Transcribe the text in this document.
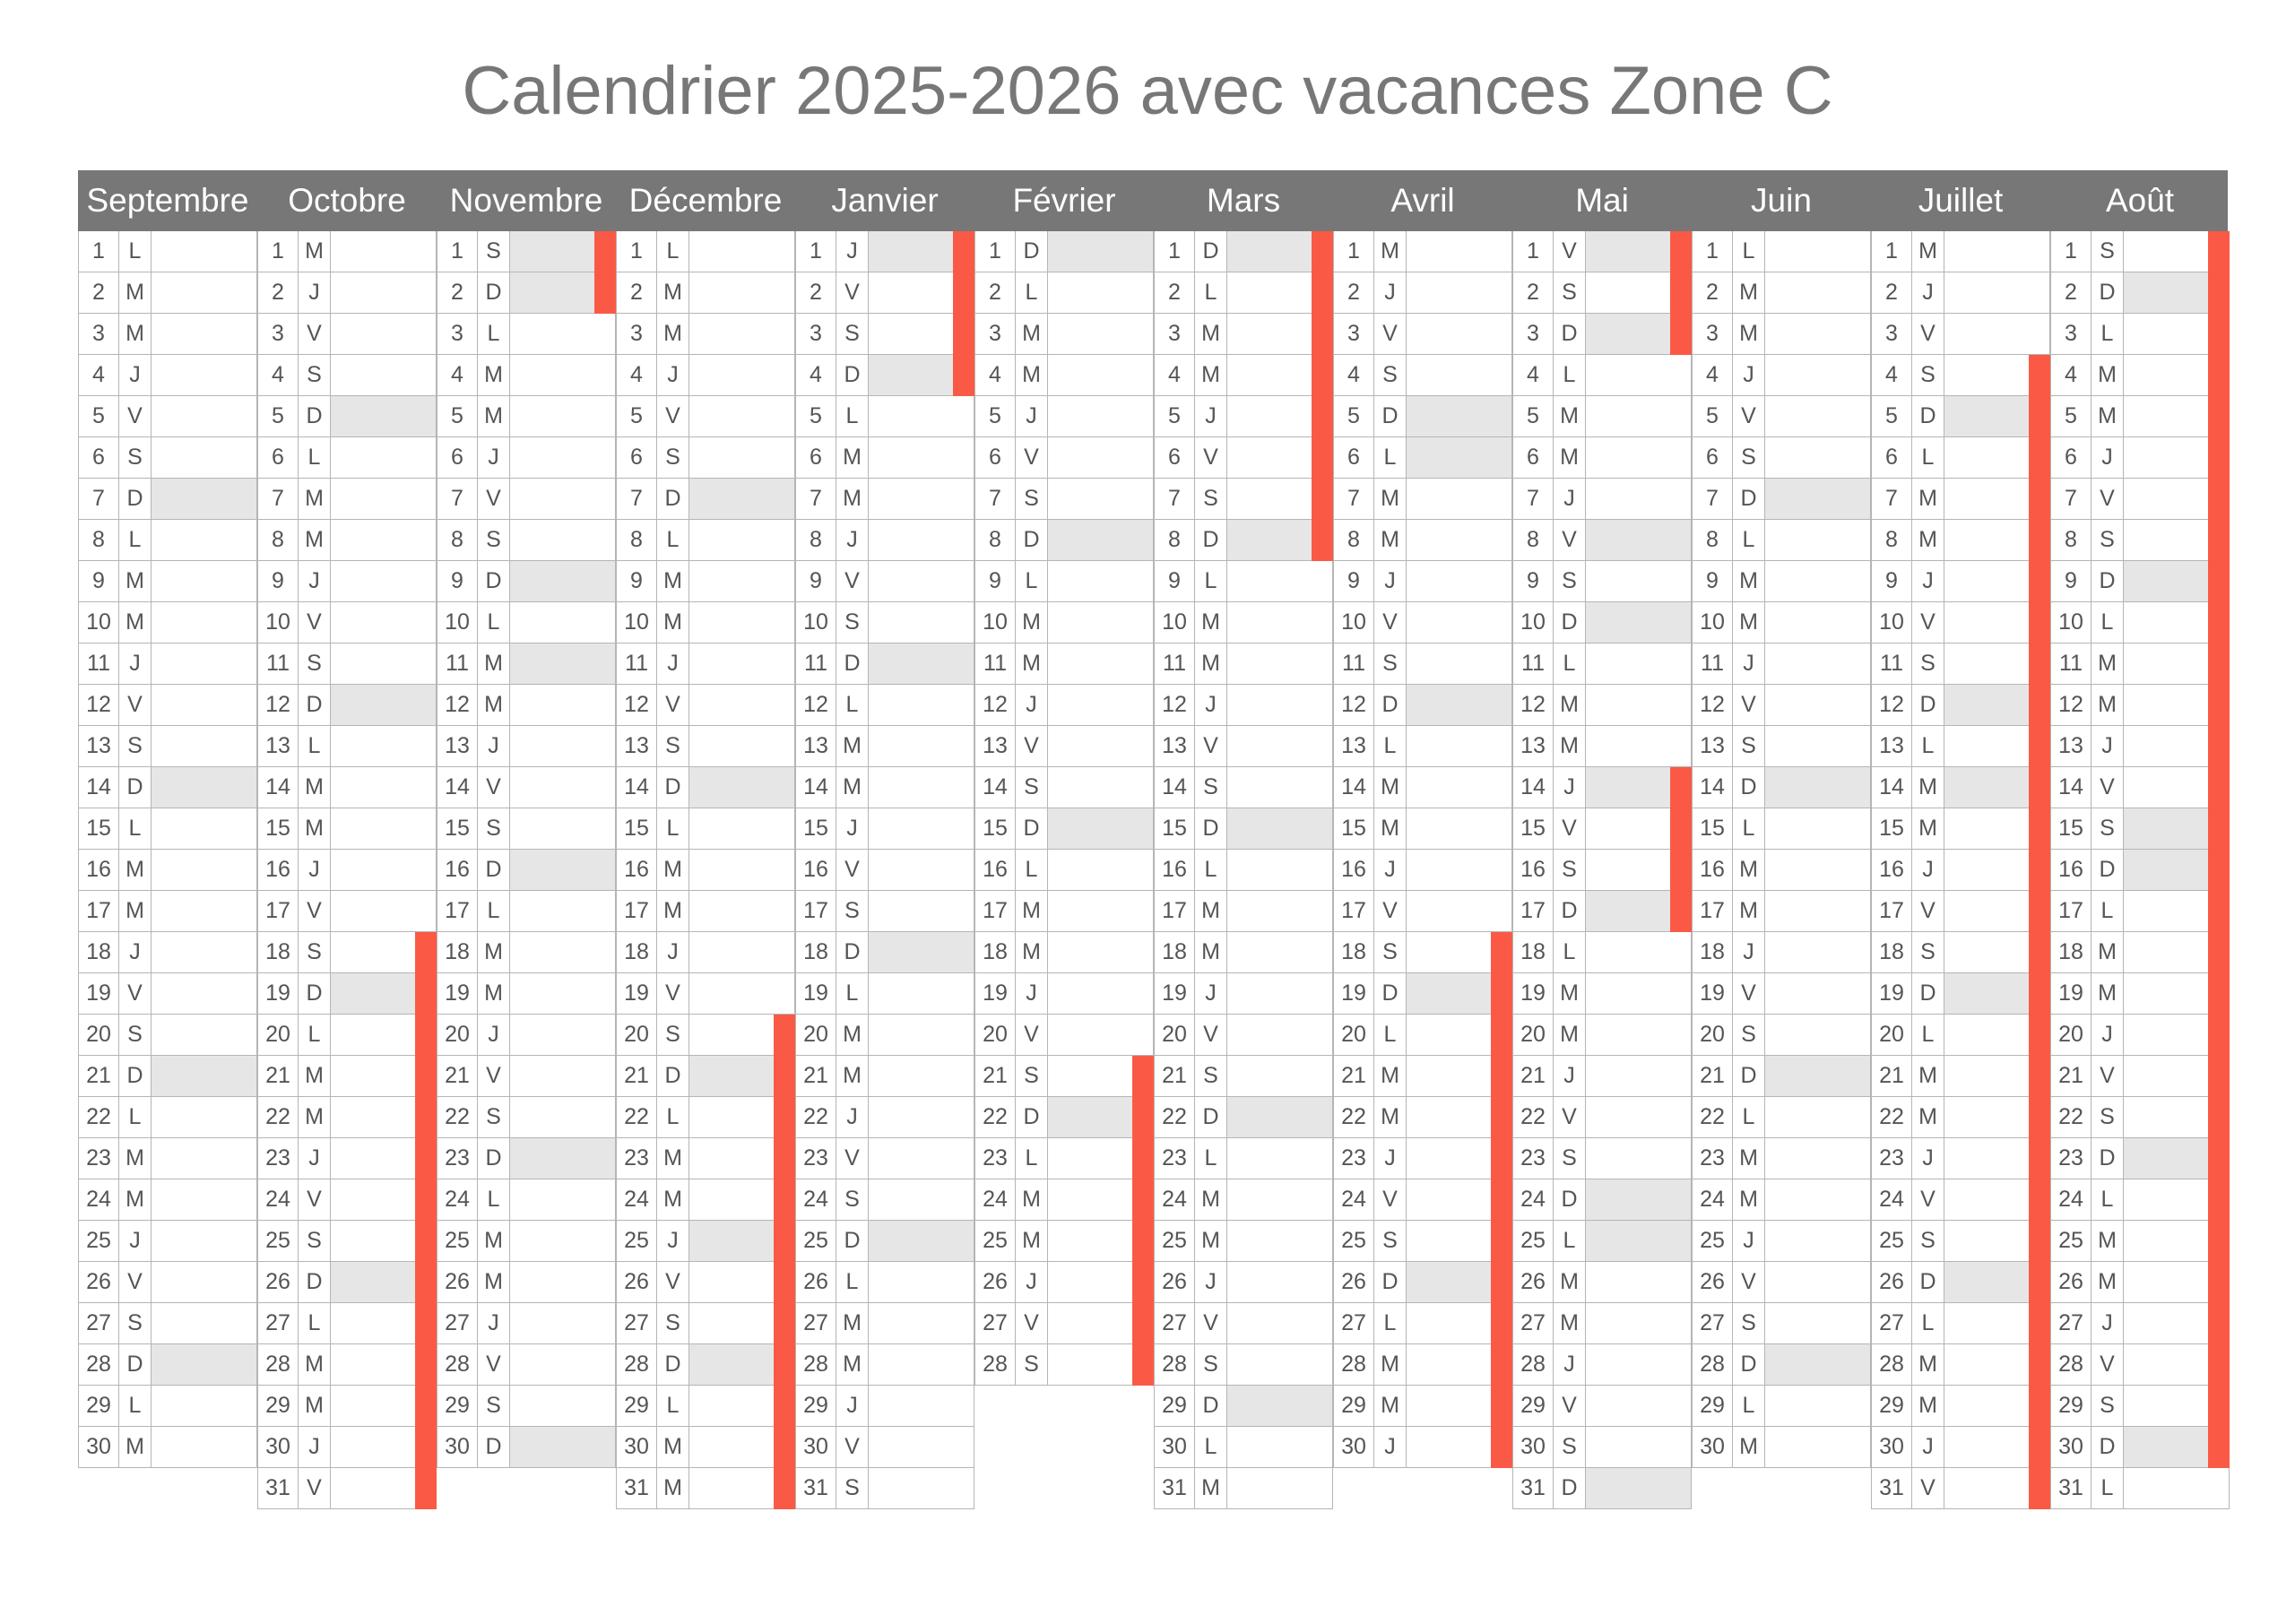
Calendrier 2025-2026 avec vacances Zone C
Septembre
1	L
2 M
3 M
4	J
5	V
6	S
7 D
8	L
9 M
10 M
11 J
12 V
13 S
14 D
15 L
16 M
17 M
18 J
19 V
20 S
21 D
22 L
23 M
24 M
25 J
26 V
27 S
28 D
29 L
30 M
Octobre
1 M
2	J
3	V
4	S
5 D
6	L
7 M
8 M
9	J
10 V
11 S
12 D
13 L
14 M
15 M
16 J
17 V
18 S
19 D
20 L
21 M
22 M
23 J
24 V
25 S
26 D
27 L
28 M
29 M
30 J
31 V
Novembre
1	S
2 D
3	L
4 M
5 M
6	J
7	V
8	S
9 D
10 L
11 M
12 M
13 J
14 V
15 S
16 D
17 L
18 M
19 M
20 J
21 V
22 S
23 D
24 L
25 M
26 M
27 J
28 V
29 S
30 D
Décembre
1	L
2 M
3 M
4	J
5	V
6	S
7 D
8	L
9 M
10 M
11 J
12 V
13 S
14 D
15 L
16 M
17 M
18 J
19 V
20 S
21 D
22 L
23 M
24 M
25 J
26 V
27 S
28 D
29 L
30 M
31 M
Janvier
1	J
2	V
3	S
4 D
5	L
6 M
7 M
8	J
9	V
10 S
11 D
12 L
13 M
14 M
15 J
16 V
17 S
18 D
19 L
20 M
21 M
22 J
23 V
24 S
25 D
26 L
27 M
28 M
29 J
30 V
31 S
Février
1 D
2	L
3 M
4 M
5	J
6	V
7	S
8 D
9	L
10 M
11 M
12 J
13 V
14 S
15 D
16 L
17 M
18 M
19 J
20 V
21 S
22 D
23 L
24 M
25 M
26 J
27 V
28 S
Mars
1 D
2	L
3 M
4 M
5	J
6	V
7	S
8 D
9	L
10 M
11 M
12 J
13 V
14 S
15 D
16 L
17 M
18 M
19 J
20 V
21 S
22 D
23 L
24 M
25 M
26 J
27 V
28 S
29 D
30 L
31 M
Avril
1 M
2	J
3	V
4	S
5 D
6	L
7 M
8 M
9	J
10 V
11 S
12 D
13 L
14 M
15 M
16 J
17 V
18 S
19 D
20 L
21 M
22 M
23 J
24 V
25 S
26 D
27 L
28 M
29 M
30 J
Mai
1	V
2	S
3 D
4	L
5 M
6 M
7	J
8	V
9	S
10 D
11 L
12 M
13 M
14 J
15 V
16 S
17 D
18 L
19 M
20 M
21 J
22 V
23 S
24 D
25 L
26 M
27 M
28 J
29 V
30 S
31 D
Juin
1	L
2 M
3 M
4	J
5	V
6	S
7 D
8	L
9 M
10 M
11 J
12 V
13 S
14 D
15 L
16 M
17 M
18 J
19 V
20 S
21 D
22 L
23 M
24 M
25 J
26 V
27 S
28 D
29 L
30 M
Juillet
1 M
2	J
3	V
4	S
5 D
6	L
7 M
8 M
9	J
10 V
11 S
12 D
13 L
14 M
15 M
16 J
17 V
18 S
19 D
20 L
21 M
22 M
23 J
24 V
25 S
26 D
27 L
28 M
29 M
30 J
31 V
Août
1	S
2 D
3	L
4 M
5 M
6	J
7	V
8	S
9 D
10 L
11 M
12 M
13 J
14 V
15 S
16 D
17 L
18 M
19 M
20 J
21 V
22 S
23 D
24 L
25 M
26 M
27 J
28 V
29 S
30 D
31 L
